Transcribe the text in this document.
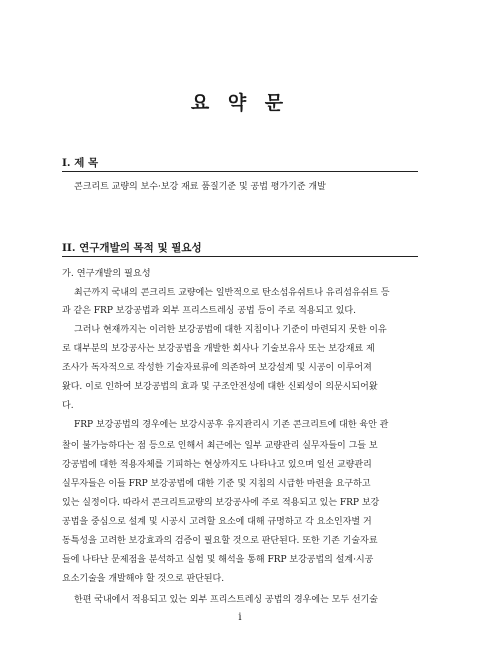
요 약 문
I. 제 목
콘크리트 교량의 보수·보강 재료 품질기준 및 공법 평가기준 개발
II. 연구개발의 목적 및 필요성
가. 연구개발의 필요성
최근까지 국내의 콘크리트 교량에는 일반적으로 탄소섬유쉬트나 유리섬유쉬트 등
과 같은 FRP 보강공법과 외부 프리스트레싱 공법 등이 주로 적용되고 있다.
그러나 현재까지는 이러한 보강공법에 대한 지침이나 기준이 마련되지 못한 이유
로 대부분의 보강공사는 보강공법을 개발한 회사나 기술보유사 또는 보강재료 제
조사가 독자적으로 작성한 기술자료류에 의존하여 보강설계 및 시공이 이루어져
왔다. 이로 인하여 보강공법의 효과 및 구조안전성에 대한 신뢰성이 의문시되어왔
다.
FRP 보강공법의 경우에는 보강시공후 유지관리시 기존 콘크리트에 대한 육안 관
찰이 불가능하다는 점 등으로 인해서 최근에는 일부 교량관리 실무자들이 그들 보
강공법에 대한 적용자체를 기피하는 현상까지도 나타나고 있으며 일선 교량관리
실무자들은 이들 FRP 보강공법에 대한 기준 및 지침의 시급한 마련을 요구하고
있는 실정이다. 따라서 콘크리트교량의 보강공사에 주로 적용되고 있는 FRP 보강
공법을 중심으로 설계 및 시공시 고려할 요소에 대해 규명하고 각 요소인자별 거
동특성을 고려한 보강효과의 검증이 필요할 것으로 판단된다. 또한 기존 기술자료
들에 나타난 문제점을 분석하고 실험 및 해석을 통해 FRP 보강공법의 설계·시공
요소기술을 개발해야 할 것으로 판단된다.
한편 국내에서 적용되고 있는 외부 프리스트레싱 공법의 경우에는 모두 선기술
i
